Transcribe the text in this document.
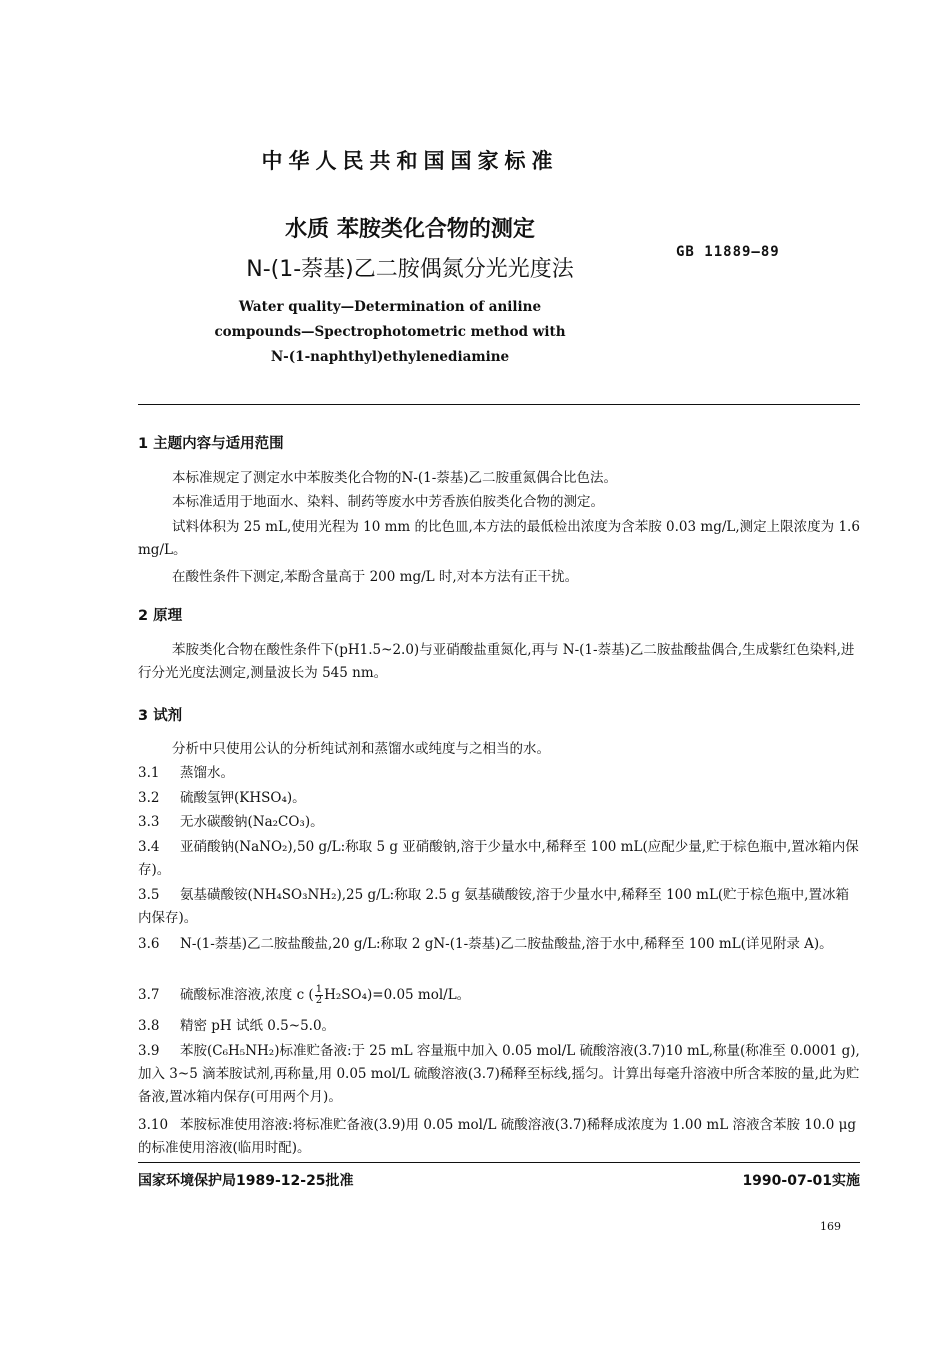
中华人民共和国国家标准
水质 苯胺类化合物的测定
N-(1-萘基)乙二胺偶氮分光光度法
GB 11889—89
Water quality—Determination of aniline
compounds—Spectrophotometric method with
N-(1-naphthyl)ethylenediamine
1 主题内容与适用范围
本标准规定了测定水中苯胺类化合物的N-(1-萘基)乙二胺重氮偶合比色法。
本标准适用于地面水、染料、制药等废水中芳香族伯胺类化合物的测定。
试料体积为 25 mL,使用光程为 10 mm 的比色皿,本方法的最低检出浓度为含苯胺 0.03 mg/L,测定上限浓度为 1.6 mg/L。
在酸性条件下测定,苯酚含量高于 200 mg/L 时,对本方法有正干扰。
2 原理
苯胺类化合物在酸性条件下(pH1.5~2.0)与亚硝酸盐重氮化,再与 N-(1-萘基)乙二胺盐酸盐偶合,生成紫红色染料,进行分光光度法测定,测量波长为 545 nm。
3 试剂
分析中只使用公认的分析纯试剂和蒸馏水或纯度与之相当的水。
3.1 蒸馏水。
3.2 硫酸氢钾(KHSO₄)。
3.3 无水碳酸钠(Na₂CO₃)。
3.4 亚硝酸钠(NaNO₂),50 g/L:称取 5 g 亚硝酸钠,溶于少量水中,稀释至 100 mL(应配少量,贮于棕色瓶中,置冰箱内保存)。
3.5 氨基磺酸铵(NH₄SO₃NH₂),25 g/L:称取 2.5 g 氨基磺酸铵,溶于少量水中,稀释至 100 mL(贮于棕色瓶中,置冰箱内保存)。
3.6 N-(1-萘基)乙二胺盐酸盐,20 g/L:称取 2 gN-(1-萘基)乙二胺盐酸盐,溶于水中,稀释至 100 mL(详见附录 A)。
3.7 硫酸标准溶液,浓度 c ( $\frac{1}{2} H_2SO_4)=0.05$ mol/L。
3.8 精密 pH 试纸 0.5~5.0。
3.9 苯胺(C₆H₅NH₂)标准贮备液:于 25 mL 容量瓶中加入 0.05 mol/L 硫酸溶液(3.7)10 mL,称量(称准至 0.0001 g),加入 3~5 滴苯胺试剂,再称量,用 0.05 mol/L 硫酸溶液(3.7)稀释至标线,摇匀。计算出每毫升溶液中所含苯胺的量,此为贮备液,置冰箱内保存(可用两个月)。
3.10 苯胺标准使用溶液:将标准贮备液(3.9)用 0.05 mol/L 硫酸溶液(3.7)稀释成浓度为 1.00 mL 溶液含苯胺 10.0 μg 的标准使用溶液(临用时配)。
国家环境保护局1989-12-25批准	1990-07-01实施
169
